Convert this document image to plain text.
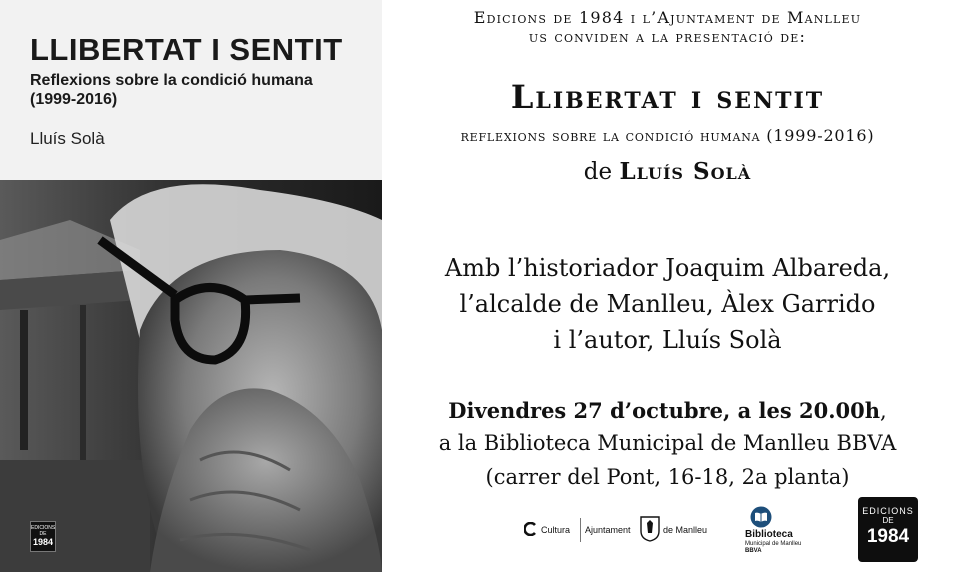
LLIBERTAT I SENTIT
Reflexions sobre la condició humana
(1999-2016)
Lluís Solà
EDICIONS
DE
1984
Edicions de 1984 i l’Ajuntament de Manlleu
us conviden a la presentació de:
Llibertat i sentit
reflexions sobre la condició humana (1999-2016)
de Lluís Solà
Amb l’historiador Joaquim Albareda,
l’alcalde de Manlleu, Àlex Garrido
i l’autor, Lluís Solà
Divendres 27 d’octubre, a les 20.00h,
a la Biblioteca Municipal de Manlleu BBVA
(carrer del Pont, 16-18, 2a planta)
Cultura Ajuntament	de Manlleu	Biblioteca
Municipal de Manlleu
BBVA
EDICIONS
DE
1984
